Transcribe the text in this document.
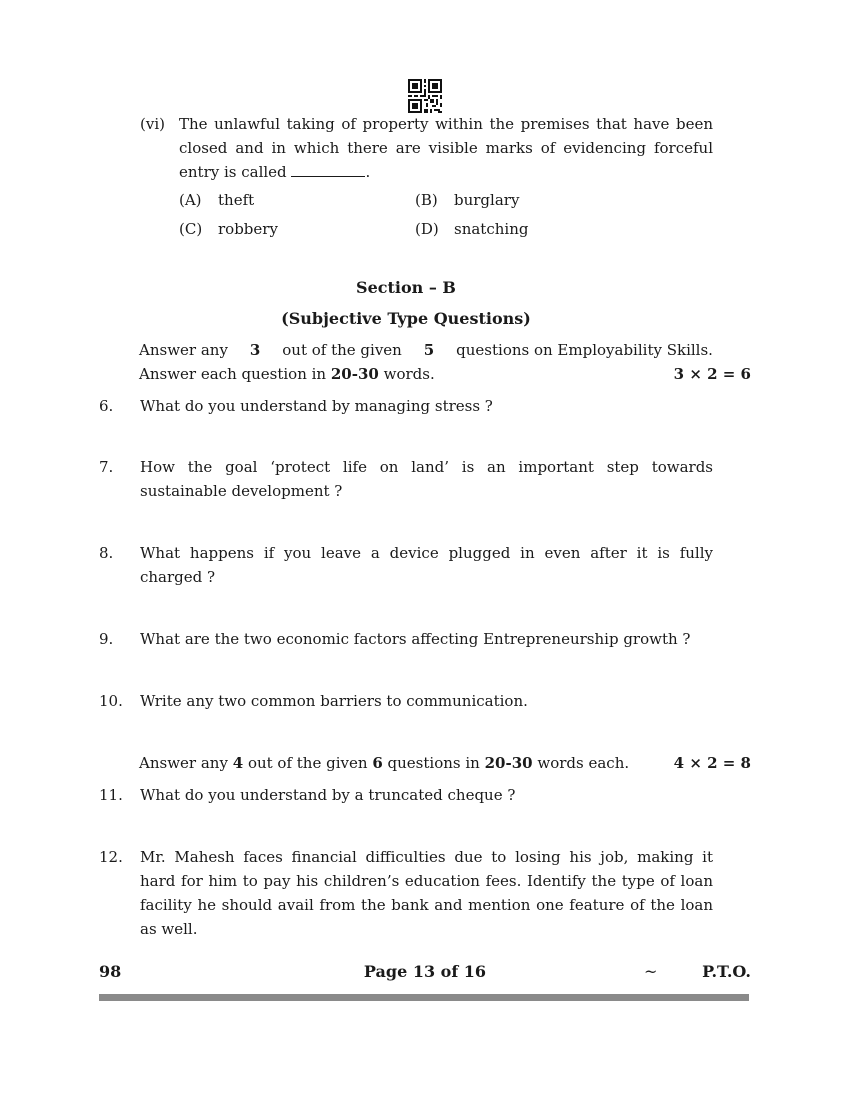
(vi) The unlawful taking of property within the premises that have been
closed and in which there are visible marks of evidencing forceful
entry is called	.
(A) theft	(B) burglary
(C) robbery	(D) snatching
Section – B
(Subjective Type Questions)
Answer any 3 out of the given 5 questions on Employability Skills.
Answer each question in 20-30 words.	3 × 2 = 6
6. What do you understand by managing stress ?
7. How the goal ‘protect life on land’ is an important step towards
sustainable development ?
8. What happens if you leave a device plugged in even after it is fully
charged ?
9. What are the two economic factors affecting Entrepreneurship growth ?
10. Write any two common barriers to communication.
Answer any 4 out of the given 6 questions in 20-30 words each.	4 × 2 = 8
11. What do you understand by a truncated cheque ?
12. Mr. Mahesh faces financial difficulties due to losing his job, making it
hard for him to pay his children’s education fees. Identify the type of loan
facility he should avail from the bank and mention one feature of the loan
as well.
98	Page 13 of 16	~	P.T.O.
